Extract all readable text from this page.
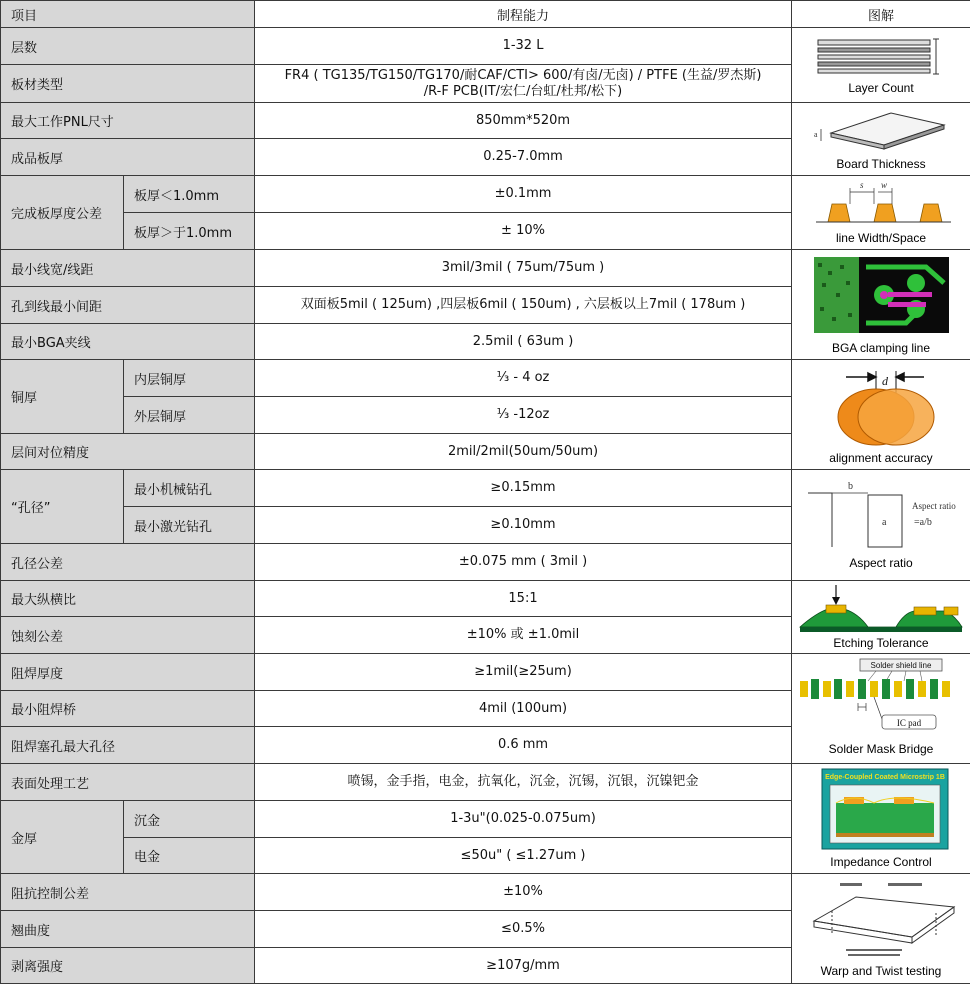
项目		制程能力	图解
层数		1-32 L	Layer Count

板材类型		FR4 ( TG135/TG150/TG170/耐CAF/CTI> 600/有卤/无卤) / PTFE (生益/罗杰斯)
/R-F PCB(IT/宏仁/台虹/杜邦/松下)	

最大工作PNL尺寸		850mm*520m	a
Board Thickness

成品板厚		0.25-7.0mm	
完成板厚度公差	板厚＜1.0mm	±0.1mm	s w
line Width/Space

	板厚＞于1.0mm	± 10%	
最小线宽/线距		3mil/3mil ( 75um/75um )	BGA clamping line

孔到线最小间距		双面板5mil ( 125um) ,四层板6mil ( 150um) , 六层板以上7mil ( 178um )	
最小BGA夹线		2.5mil ( 63um )	
铜厚	内层铜厚	⅓ - 4 oz	d
alignment accuracy

	外层铜厚	⅓ -12oz	
层间对位精度		2mil/2mil(50um/50um)	
“孔径”	最小机械钻孔	≥0.15mm	b
a
Aspect ratio
=a/b
Aspect ratio

	最小激光钻孔	≥0.10mm	
孔径公差		±0.075 mm ( 3mil )	
最大纵横比		15:1	Etching Tolerance

蚀刻公差		±10% 或 ±1.0mil	
阻焊厚度		≥1mil(≥25um)	Solder shield line
IC pad
Solder Mask Bridge

最小阻焊桥		4mil (100um)	
阻焊塞孔最大孔径		0.6 mm	
表面处理工艺		喷锡，金手指，电金，抗氧化，沉金，沉锡，沉银，沉镍钯金	Edge-Coupled Coated Microstrip 1B
Impedance Control

金厚	沉金	1-3u"(0.025-0.075um)	
	电金	≤50u" ( ≤1.27um )	
阻抗控制公差		±10%	Warp and Twist testing

翘曲度		≤0.5%	
剥离强度		≥107g/mm	
